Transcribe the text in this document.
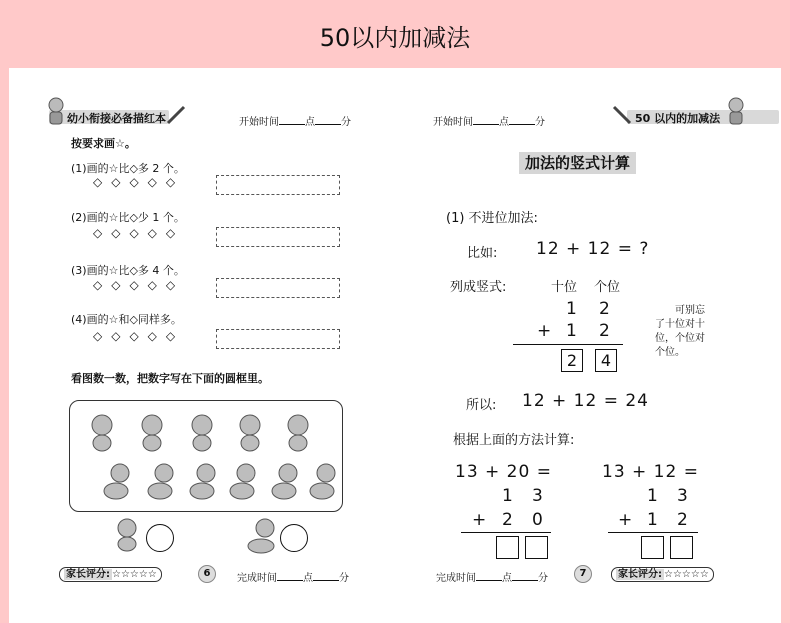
50以内加减法
幼小衔接必备描红本	开始时间	点	分
按要求画☆。
(1)画的☆比◇多 2 个。
◇◇◇◇◇
(2)画的☆比◇少 1 个。
◇◇◇◇◇
(3)画的☆比◇多 4 个。
◇◇◇◇◇
(4)画的☆和◇同样多。
◇◇◇◇◇
看图数一数，把数字写在下面的圆框里。
家长评分: ☆☆☆☆☆	6	完成时间	点	分
开始时间	点	分	50 以内的加减法
加法的竖式计算
(1) 不进位加法:
比如: 12 + 12 = ?
列成竖式:	十位 个位
1 2
+ 1 2
2	4
可别忘
了十位对十
位，个位对
个位。
所以: 12 + 12 = 24
根据上面的方法计算:
13 + 20 =
1 3
+ 2 0
13 + 12 =
1 3
+ 1 2
完成时间	点	分	7	家长评分: ☆☆☆☆☆
